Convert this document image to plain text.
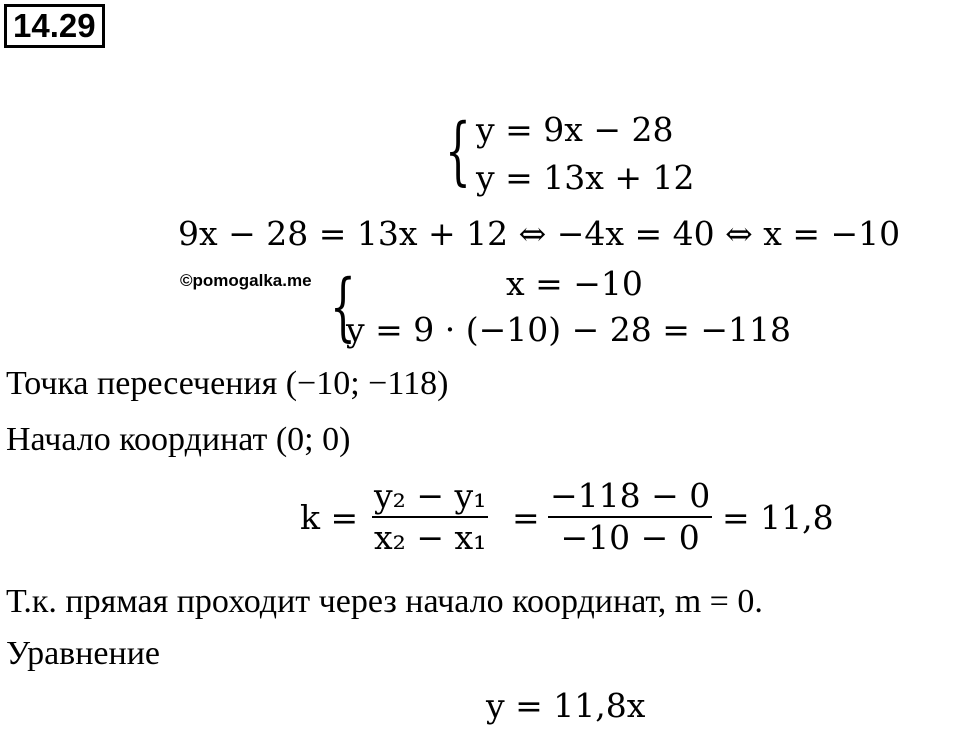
14.29
{ y = 9x − 28
y = 13x + 12
9x − 28 = 13x + 12 ⇔ −4x = 40 ⇔ x = −10
©pomogalka.me {	x = −10
y = 9 · (−10) − 28 = −118
Точка пересечения (−10; −118)
Начало координат (0; 0)
k =
y₂ − y₁
x₂ − x₁
=
−118 − 0
−10 − 0
= 11,8
Т.к. прямая проходит через начало координат, m = 0.
Уравнение
y = 11,8x
